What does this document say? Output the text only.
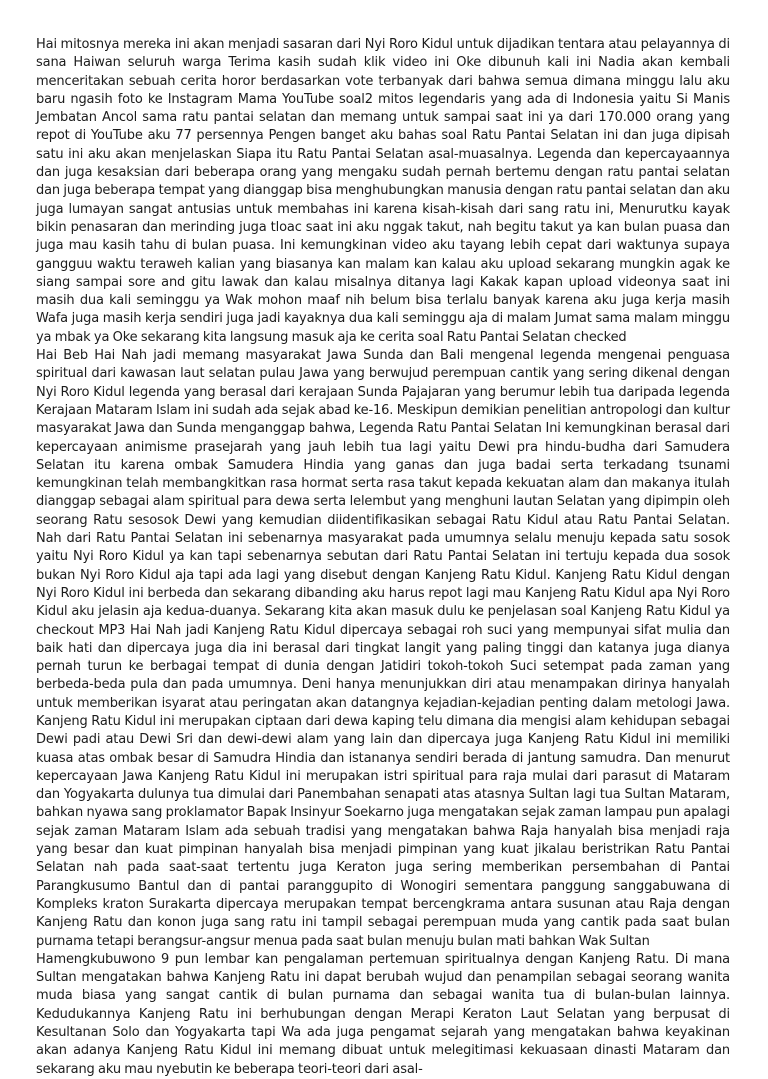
Hai mitosnya mereka ini akan menjadi sasaran dari Nyi Roro Kidul untuk dijadikan tentara atau pelayannya di sana Haiwan seluruh warga Terima kasih sudah klik video ini Oke dibunuh kali ini Nadia akan kembali menceritakan sebuah cerita horor berdasarkan vote terbanyak dari bahwa semua dimana minggu lalu aku baru ngasih foto ke Instagram Mama YouTube soal2 mitos legendaris yang ada di Indonesia yaitu Si Manis Jembatan Ancol sama ratu pantai selatan dan memang untuk sampai saat ini ya dari 170.000 orang yang repot di YouTube aku 77 persennya Pengen banget aku bahas soal Ratu Pantai Selatan ini dan juga dipisah satu ini aku akan menjelaskan Siapa itu Ratu Pantai Selatan asal-muasalnya. Legenda dan kepercayaannya dan juga kesaksian dari beberapa orang yang mengaku sudah pernah bertemu dengan ratu pantai selatan dan juga beberapa tempat yang dianggap bisa menghubungkan manusia dengan ratu pantai selatan dan aku juga lumayan sangat antusias untuk membahas ini karena kisah-kisah dari sang ratu ini, Menurutku kayak bikin penasaran dan merinding juga tloac saat ini aku nggak takut, nah begitu takut ya kan bulan puasa dan juga mau kasih tahu di bulan puasa. Ini kemungkinan video aku tayang lebih cepat dari waktunya supaya gangguu waktu teraweh kalian yang biasanya kan malam kan kalau aku upload sekarang mungkin agak ke siang sampai sore and gitu lawak dan kalau misalnya ditanya lagi Kakak kapan upload videonya saat ini masih dua kali seminggu ya Wak mohon maaf nih belum bisa terlalu banyak karena aku juga kerja masih Wafa juga masih kerja sendiri juga jadi kayaknya dua kali seminggu aja di malam Jumat sama malam minggu ya mbak ya Oke sekarang kita langsung masuk aja ke cerita soal Ratu Pantai Selatan checked

Hai Beb Hai Nah jadi memang masyarakat Jawa Sunda dan Bali mengenal legenda mengenai penguasa spiritual dari kawasan laut selatan pulau Jawa yang berwujud perempuan cantik yang sering dikenal dengan Nyi Roro Kidul legenda yang berasal dari kerajaan Sunda Pajajaran yang berumur lebih tua daripada legenda Kerajaan Mataram Islam ini sudah ada sejak abad ke-16. Meskipun demikian penelitian antropologi dan kultur masyarakat Jawa dan Sunda menganggap bahwa, Legenda Ratu Pantai Selatan Ini kemungkinan berasal dari kepercayaan animisme prasejarah yang jauh lebih tua lagi yaitu Dewi pra hindu-budha dari Samudera Selatan itu karena ombak Samudera Hindia yang ganas dan juga badai serta terkadang tsunami kemungkinan telah membangkitkan rasa hormat serta rasa takut kepada kekuatan alam dan makanya itulah dianggap sebagai alam spiritual para dewa serta lelembut yang menghuni lautan Selatan yang dipimpin oleh seorang Ratu sesosok Dewi yang kemudian diidentifikasikan sebagai Ratu Kidul atau Ratu Pantai Selatan. Nah dari Ratu Pantai Selatan ini sebenarnya masyarakat pada umumnya selalu menuju kepada satu sosok yaitu Nyi Roro Kidul ya kan tapi sebenarnya sebutan dari Ratu Pantai Selatan ini tertuju kepada dua sosok bukan Nyi Roro Kidul aja tapi ada lagi yang disebut dengan Kanjeng Ratu Kidul. Kanjeng Ratu Kidul dengan Nyi Roro Kidul ini berbeda dan sekarang dibanding aku harus repot lagi mau Kanjeng Ratu Kidul apa Nyi Roro Kidul aku jelasin aja kedua-duanya. Sekarang kita akan masuk dulu ke penjelasan soal Kanjeng Ratu Kidul ya checkout MP3 Hai Nah jadi Kanjeng Ratu Kidul dipercaya sebagai roh suci yang mempunyai sifat mulia dan baik hati dan dipercaya juga dia ini berasal dari tingkat langit yang paling tinggi dan katanya juga dianya pernah turun ke berbagai tempat di dunia dengan Jatidiri tokoh-tokoh Suci setempat pada zaman yang berbeda-beda pula dan pada umumnya. Deni hanya menunjukkan diri atau menampakan dirinya hanyalah untuk memberikan isyarat atau peringatan akan datangnya kejadian-kejadian penting dalam metologi Jawa. Kanjeng Ratu Kidul ini merupakan ciptaan dari dewa kaping telu dimana dia mengisi alam kehidupan sebagai Dewi padi atau Dewi Sri dan dewi-dewi alam yang lain dan dipercaya juga Kanjeng Ratu Kidul ini memiliki kuasa atas ombak besar di Samudra Hindia dan istananya sendiri berada di jantung samudra. Dan menurut kepercayaan Jawa Kanjeng Ratu Kidul ini merupakan istri spiritual para raja mulai dari parasut di Mataram dan Yogyakarta dulunya tua dimulai dari Panembahan senapati atas atasnya Sultan lagi tua Sultan Mataram, bahkan nyawa sang proklamator Bapak Insinyur Soekarno juga mengatakan sejak zaman lampau pun apalagi sejak zaman Mataram Islam ada sebuah tradisi yang mengatakan bahwa Raja hanyalah bisa menjadi raja yang besar dan kuat pimpinan hanyalah bisa menjadi pimpinan yang kuat jikalau beristrikan Ratu Pantai Selatan nah pada saat-saat tertentu juga Keraton juga sering memberikan persembahan di Pantai Parangkusumo Bantul dan di pantai paranggupito di Wonogiri sementara panggung sanggabuwana di Kompleks kraton Surakarta dipercaya merupakan tempat bercengkrama antara susunan atau Raja dengan Kanjeng Ratu dan konon juga sang ratu ini tampil sebagai perempuan muda yang cantik pada saat bulan purnama tetapi berangsur-angsur menua pada saat bulan menuju bulan mati bahkan Wak Sultan

Hamengkubuwono 9 pun lembar kan pengalaman pertemuan spiritualnya dengan Kanjeng Ratu. Di mana Sultan mengatakan bahwa Kanjeng Ratu ini dapat berubah wujud dan penampilan sebagai seorang wanita muda biasa yang sangat cantik di bulan purnama dan sebagai wanita tua di bulan-bulan lainnya. Kedudukannya Kanjeng Ratu ini berhubungan dengan Merapi Keraton Laut Selatan yang berpusat di Kesultanan Solo dan Yogyakarta tapi Wa ada juga pengamat sejarah yang mengatakan bahwa keyakinan akan adanya Kanjeng Ratu Kidul ini memang dibuat untuk melegitimasi kekuasaan dinasti Mataram dan sekarang aku mau nyebutin ke beberapa teori-teori dari asal-
